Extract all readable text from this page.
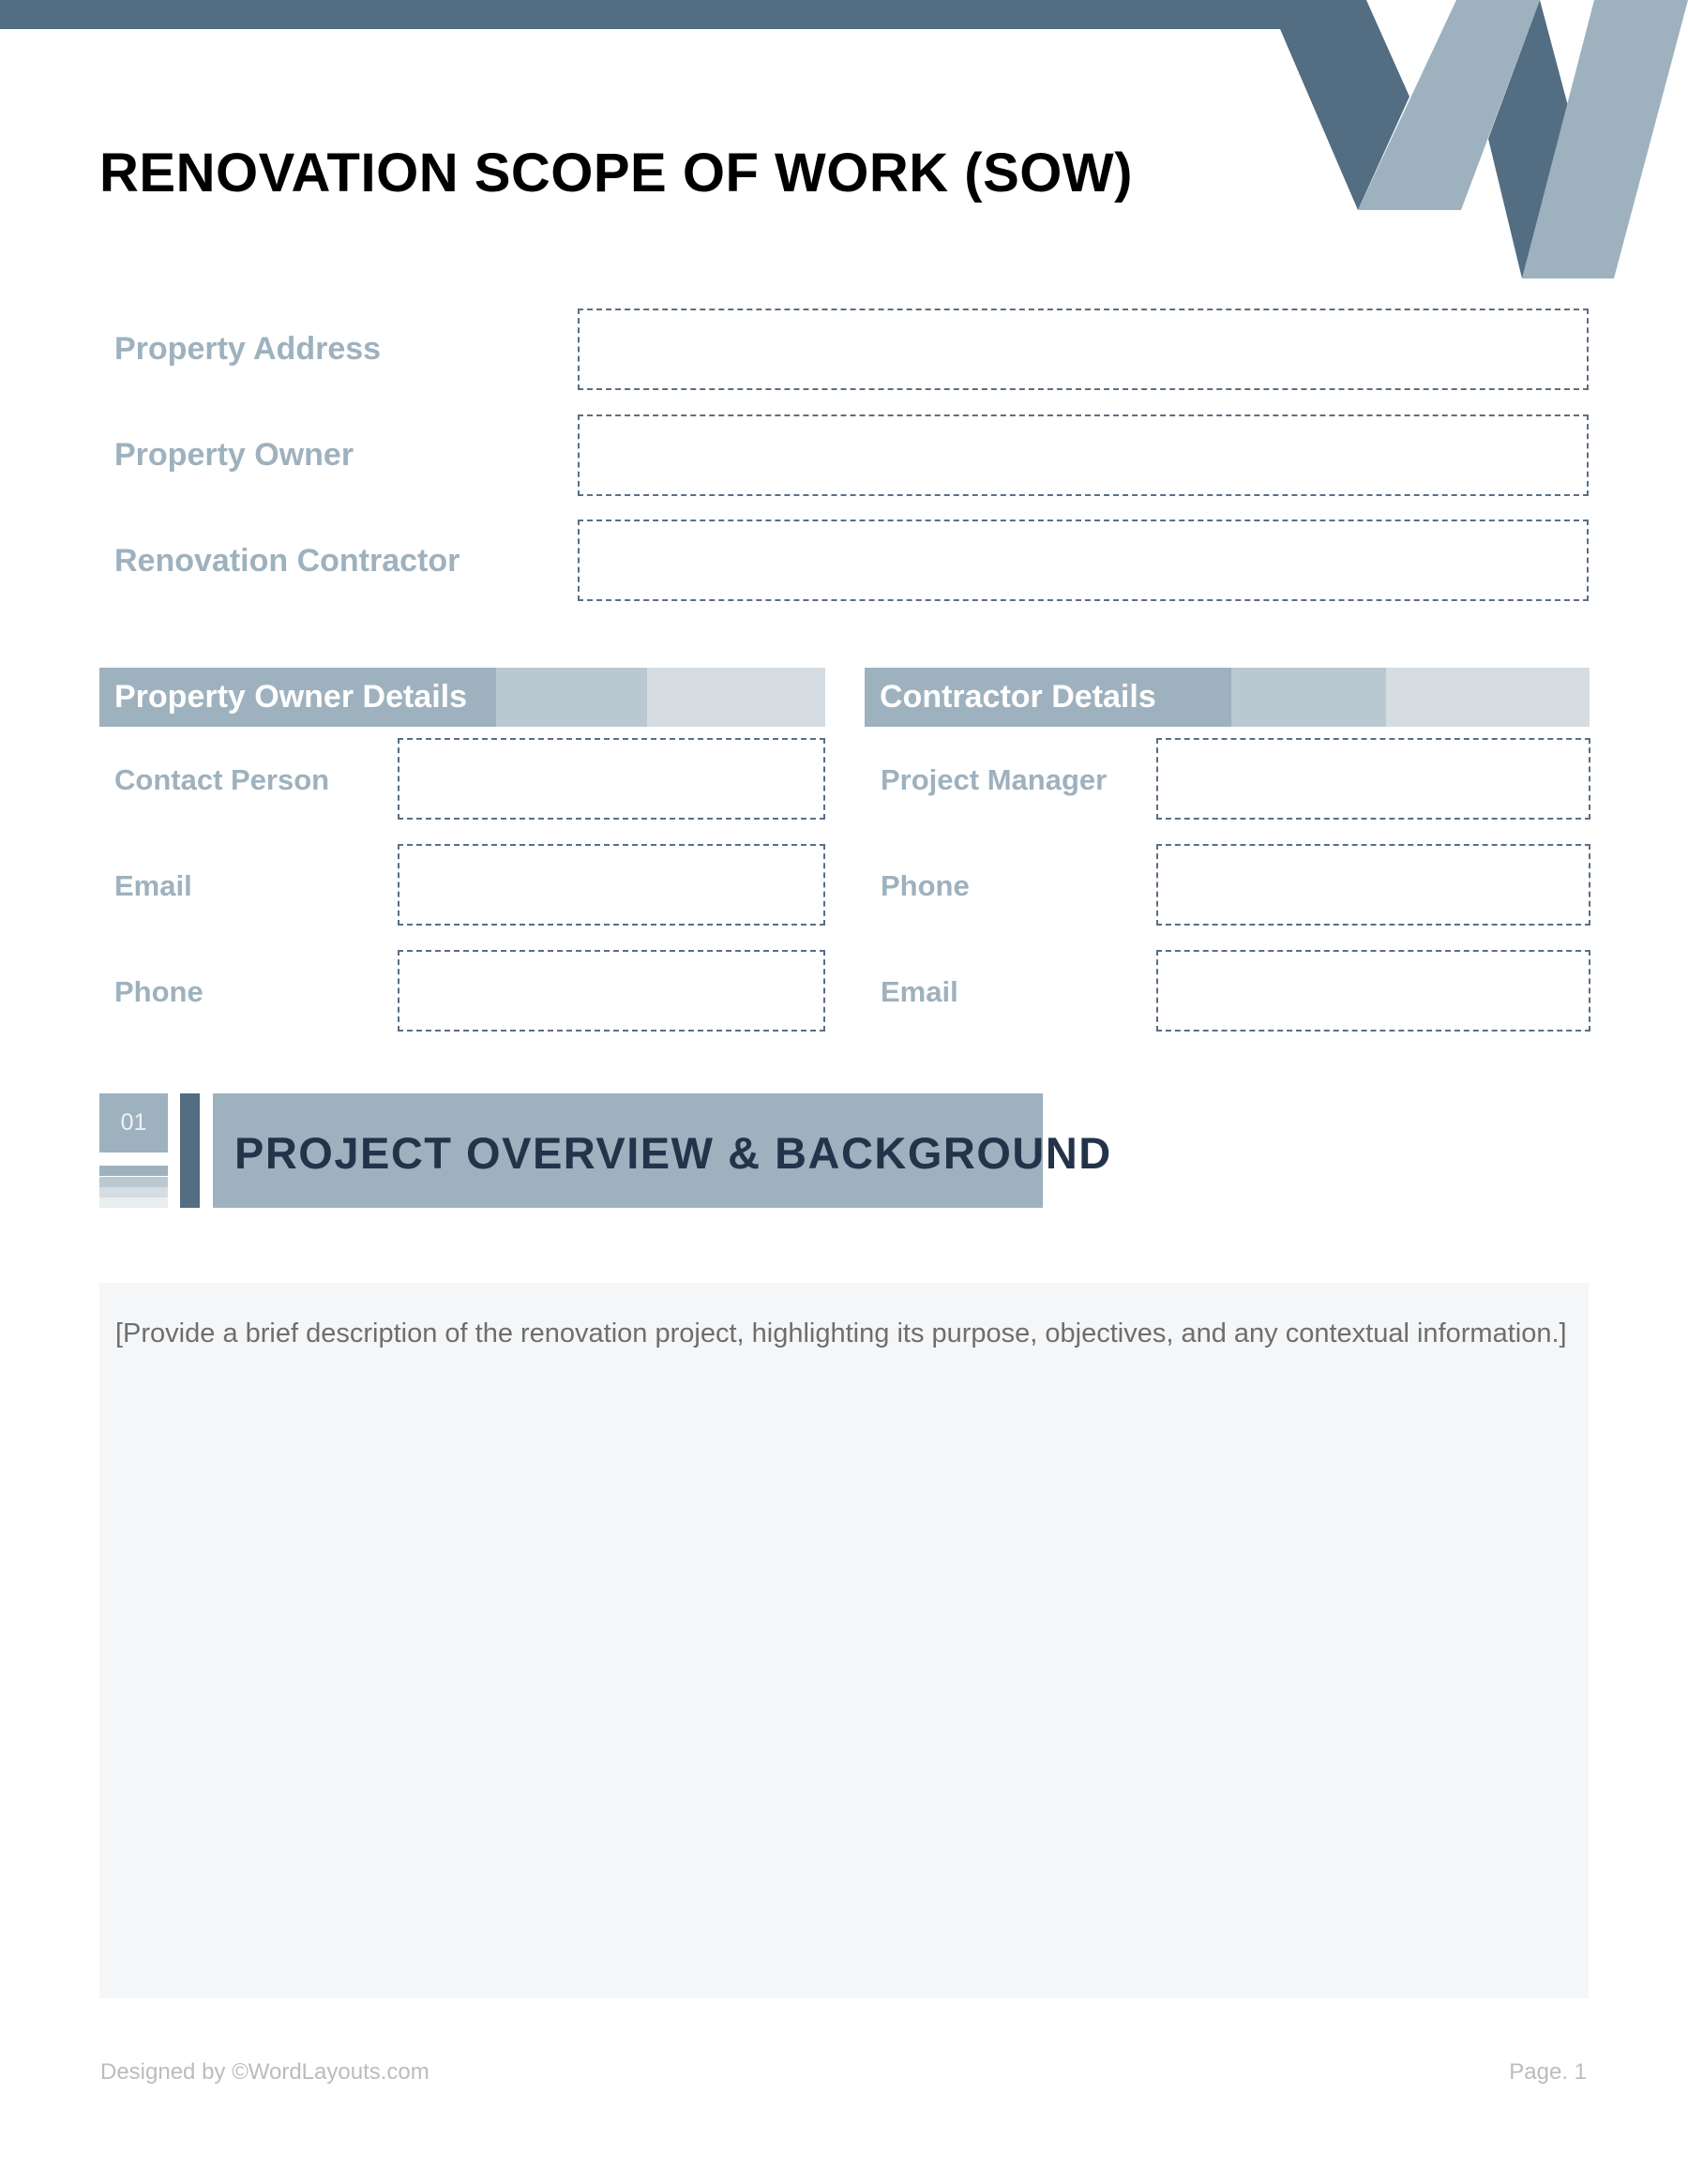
RENOVATION SCOPE OF WORK (SOW)
Property Address
Property Owner
Renovation Contractor
Property Owner Details	Contractor Details
Contact Person
Email
Phone
Project Manager
Phone
Email
01
PROJECT OVERVIEW & BACKGROUND
[Provide a brief description of the renovation project, highlighting its purpose, objectives, and any contextual information.]
Designed by ©WordLayouts.com	Page. 1
